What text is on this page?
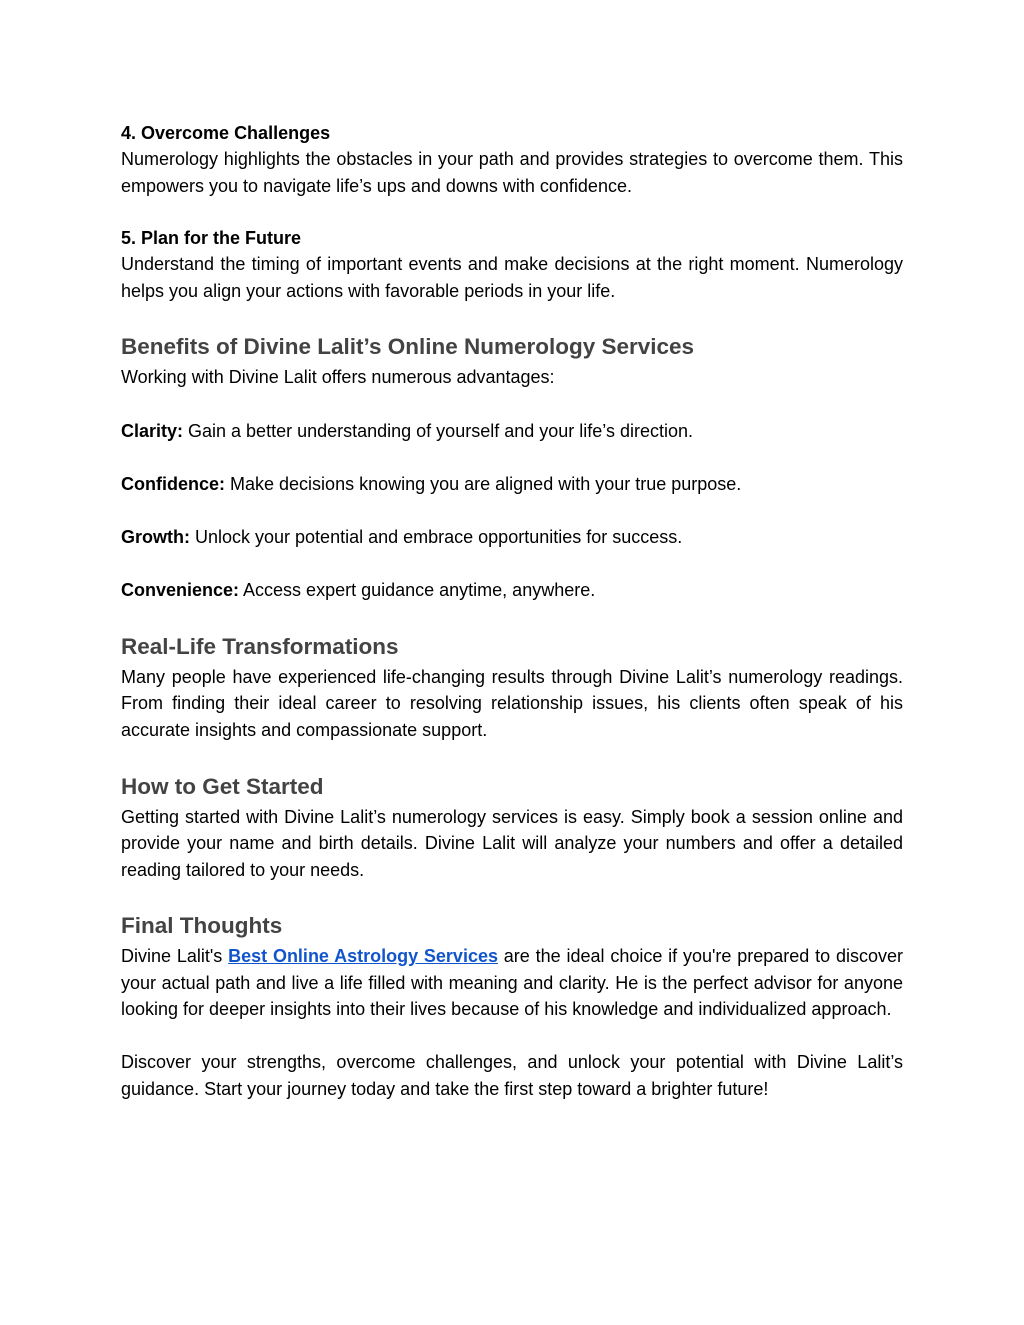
4. Overcome Challenges

Numerology highlights the obstacles in your path and provides strategies to overcome them. This empowers you to navigate life’s ups and downs with confidence.

5. Plan for the Future

Understand the timing of important events and make decisions at the right moment. Numerology helps you align your actions with favorable periods in your life.

Benefits of Divine Lalit’s Online Numerology Services

Working with Divine Lalit offers numerous advantages:

Clarity: Gain a better understanding of yourself and your life’s direction.

Confidence: Make decisions knowing you are aligned with your true purpose.

Growth: Unlock your potential and embrace opportunities for success.

Convenience: Access expert guidance anytime, anywhere.

Real-Life Transformations

Many people have experienced life-changing results through Divine Lalit’s numerology readings. From finding their ideal career to resolving relationship issues, his clients often speak of his accurate insights and compassionate support.

How to Get Started

Getting started with Divine Lalit’s numerology services is easy. Simply book a session online and provide your name and birth details. Divine Lalit will analyze your numbers and offer a detailed reading tailored to your needs.

Final Thoughts

Divine Lalit's Best Online Astrology Services are the ideal choice if you're prepared to discover your actual path and live a life filled with meaning and clarity. He is the perfect advisor for anyone looking for deeper insights into their lives because of his knowledge and individualized approach.

Discover your strengths, overcome challenges, and unlock your potential with Divine Lalit’s guidance. Start your journey today and take the first step toward a brighter future!
